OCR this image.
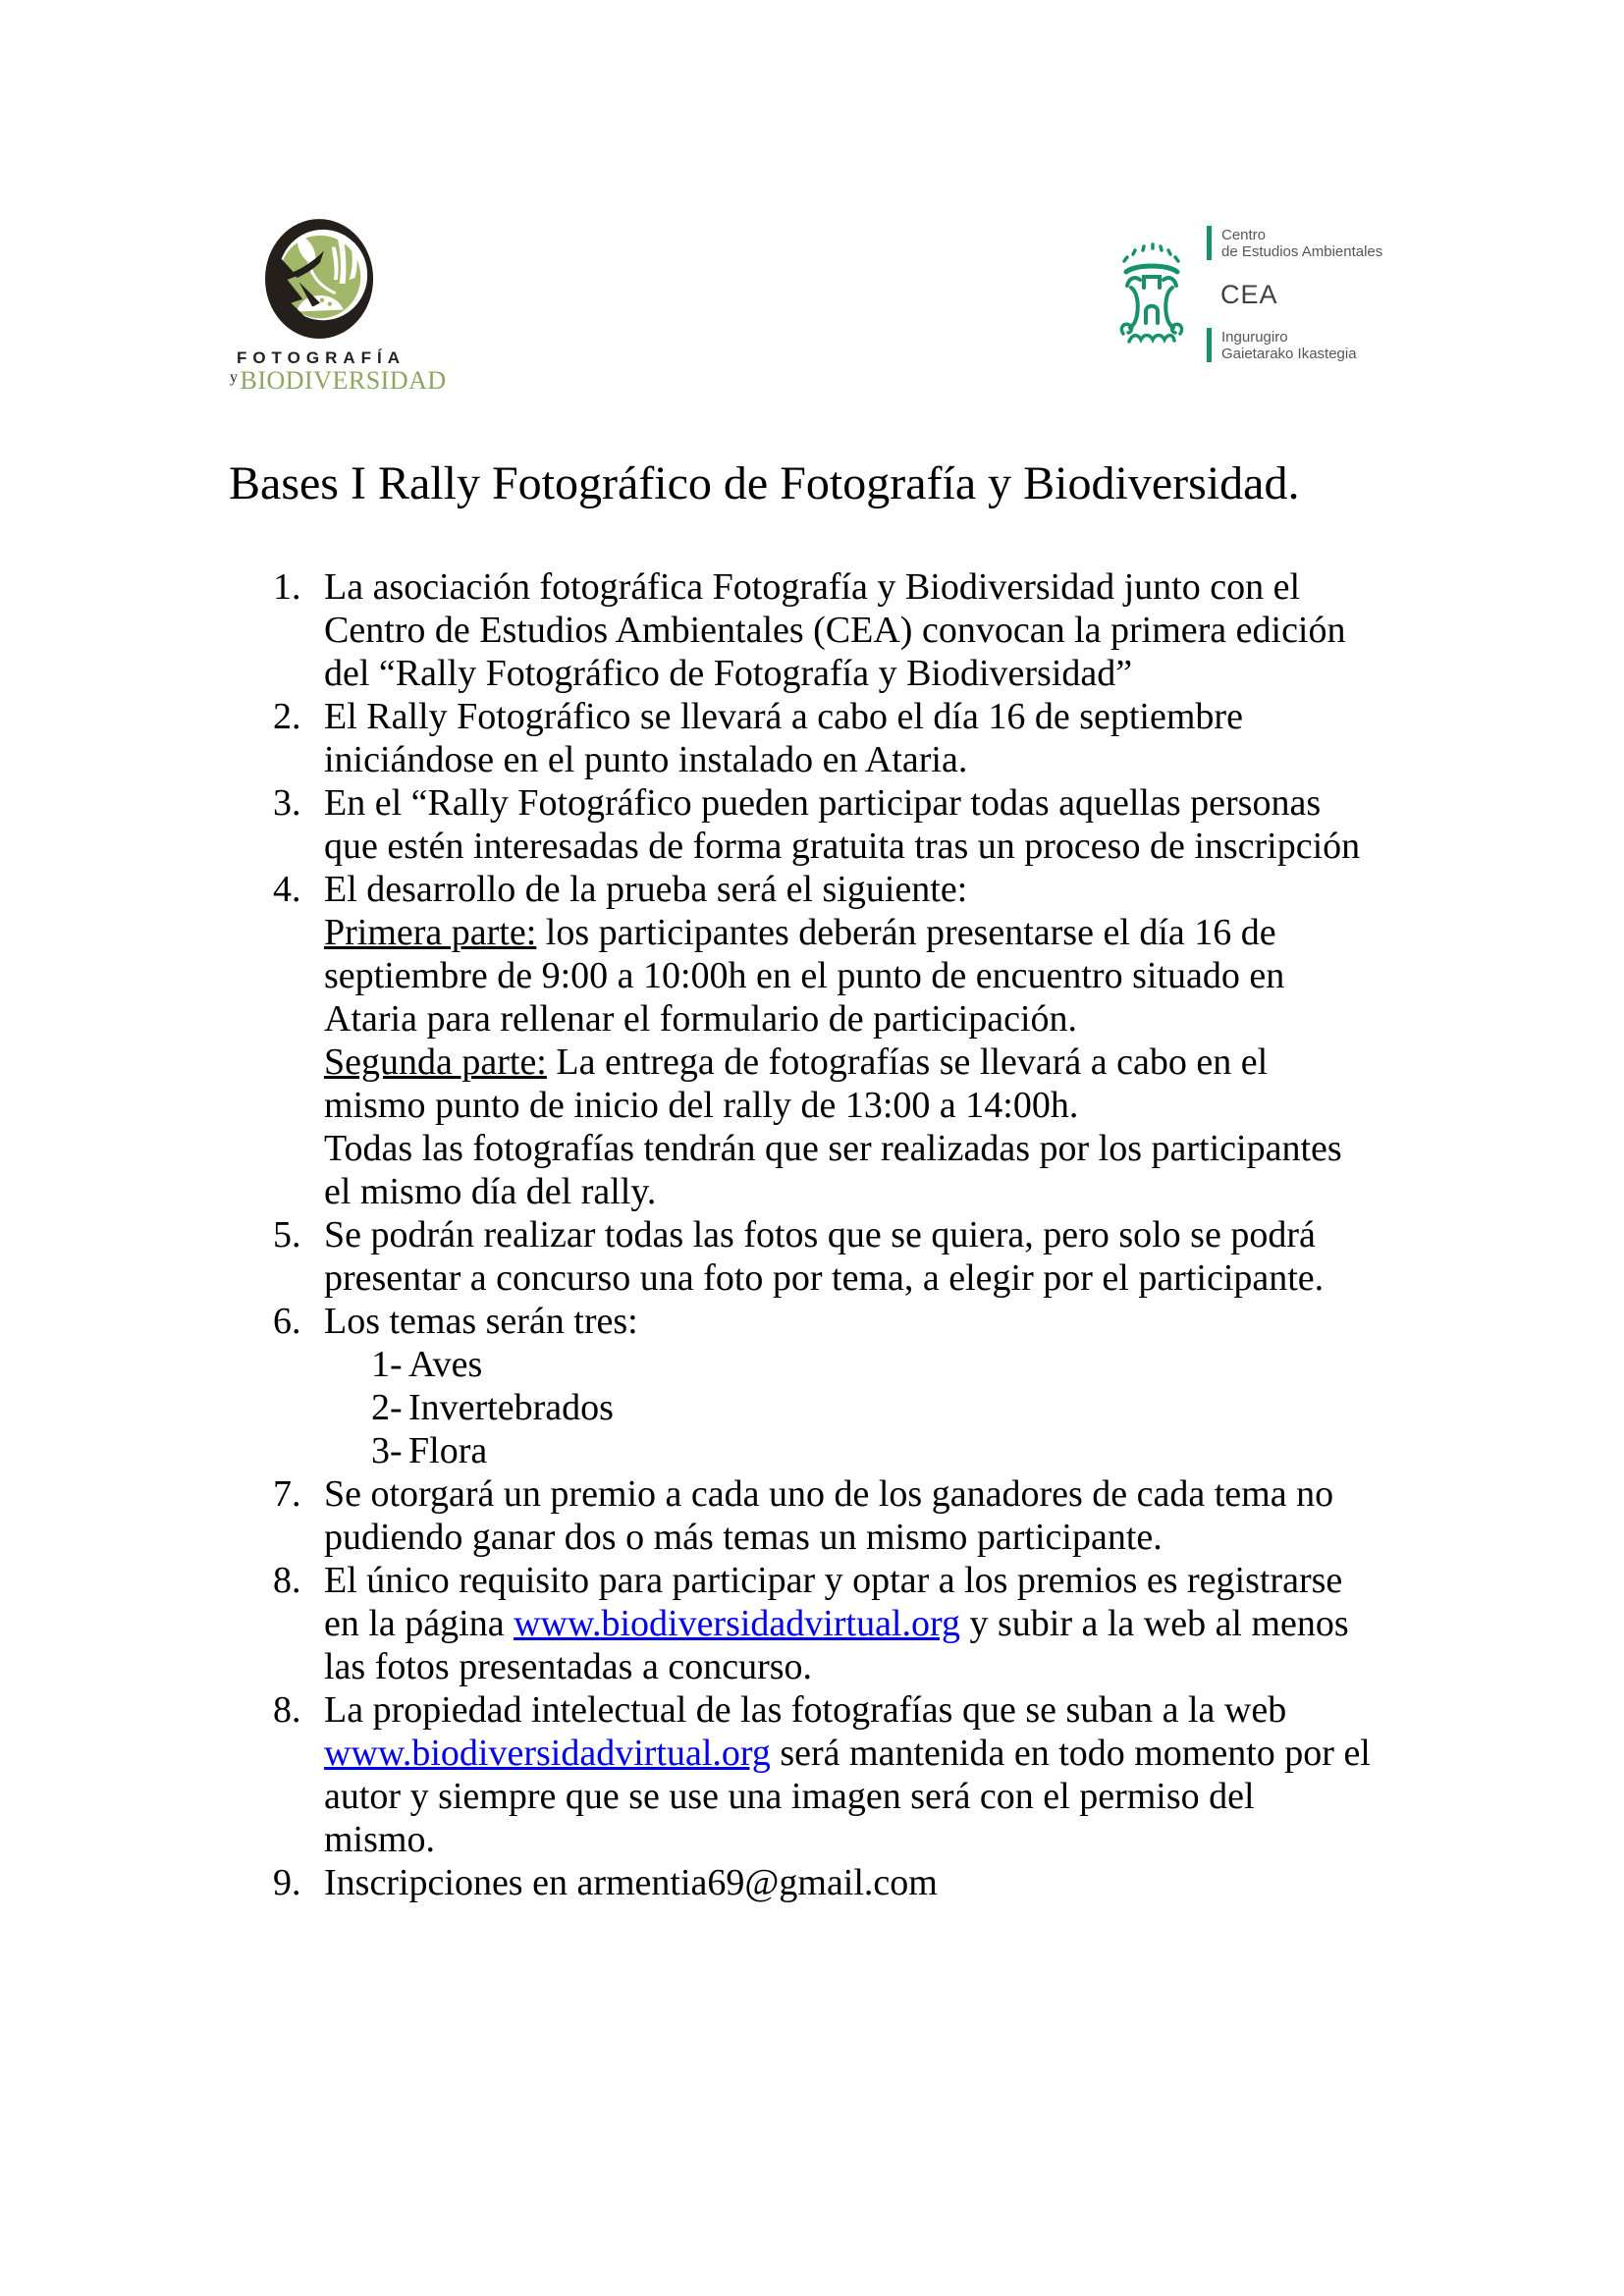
FOTOGRAFÍA
$^y$BIODIVERSIDAD
Centro
de Estudios Ambientales
CEA
Ingurugiro
Gaietarako Ikastegia
Bases I Rally Fotográfico de Fotografía y Biodiversidad.
1. La asociación fotográfica Fotografía y Biodiversidad junto con el Centro de Estudios Ambientales (CEA) convocan la primera edición del “Rally Fotográfico de Fotografía y Biodiversidad”
2. El Rally Fotográfico se llevará a cabo el día 16 de septiembre iniciándose en el punto instalado en Ataria.
3. En el “Rally Fotográfico pueden participar todas aquellas personas que estén interesadas de forma gratuita tras un proceso de inscripción
4. El desarrollo de la prueba será el siguiente:
Primera parte: los participantes deberán presentarse el día 16 de septiembre de 9:00 a 10:00h en el punto de encuentro situado en Ataria para rellenar el formulario de participación.
Segunda parte: La entrega de fotografías se llevará a cabo en el mismo punto de inicio del rally de 13:00 a 14:00h.
Todas las fotografías tendrán que ser realizadas por los participantes el mismo día del rally.
5. Se podrán realizar todas las fotos que se quiera, pero solo se podrá presentar a concurso una foto por tema, a elegir por el participante.
6. Los temas serán tres:
1- Aves
2- Invertebrados
3- Flora
7. Se otorgará un premio a cada uno de los ganadores de cada tema no pudiendo ganar dos o más temas un mismo participante.
8. El único requisito para participar y optar a los premios es registrarse en la página www.biodiversidadvirtual.org y subir a la web al menos las fotos presentadas a concurso.
8. La propiedad intelectual de las fotografías que se suban a la web www.biodiversidadvirtual.org será mantenida en todo momento por el autor y siempre que se use una imagen será con el permiso del mismo.
9. Inscripciones en armentia69@gmail.com
